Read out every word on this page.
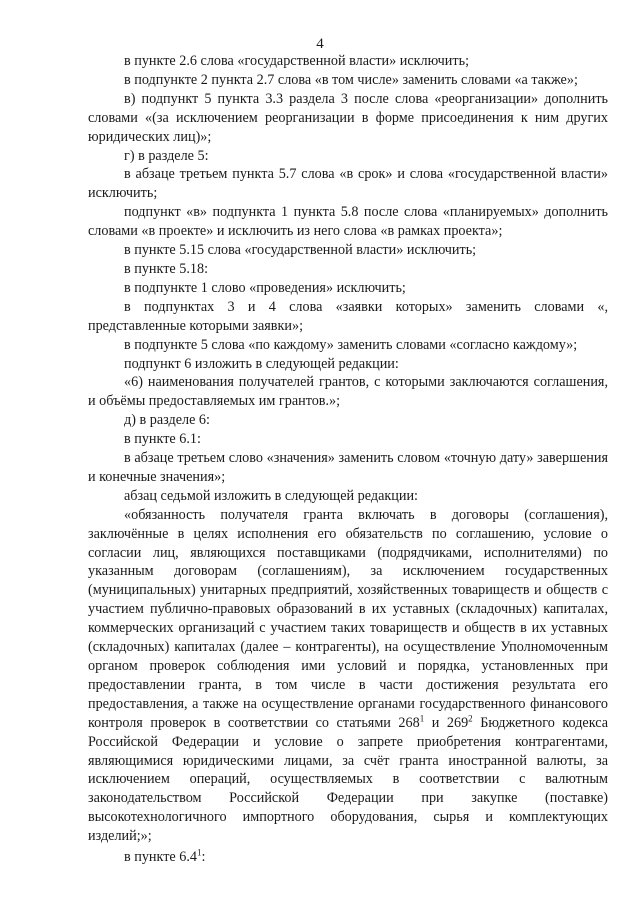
4

в пункте 2.6 слова «государственной власти» исключить;

в подпункте 2 пункта 2.7 слова «в том числе» заменить словами «а также»;

в) подпункт 5 пункта 3.3 раздела 3 после слова «реорганизации» дополнить словами «(за исключением реорганизации в форме присоединения к ним других юридических лиц)»;

г) в разделе 5:

в абзаце третьем пункта 5.7 слова «в срок» и слова «государственной власти» исключить;

подпункт «в» подпункта 1 пункта 5.8 после слова «планируемых» дополнить словами «в проекте» и исключить из него слова «в рамках проекта»;

в пункте 5.15 слова «государственной власти» исключить;

в пункте 5.18:

в подпункте 1 слово «проведения» исключить;

в подпунктах 3 и 4 слова «заявки которых» заменить словами «, представленные которыми заявки»;

в подпункте 5 слова «по каждому» заменить словами «согласно каждому»;

подпункт 6 изложить в следующей редакции:

«6) наименования получателей грантов, с которыми заключаются соглашения, и объёмы предоставляемых им грантов.»;

д) в разделе 6:

в пункте 6.1:

в абзаце третьем слово «значения» заменить словом «точную дату» завершения и конечные значения»;

абзац седьмой изложить в следующей редакции:

«обязанность получателя гранта включать в договоры (соглашения), заключённые в целях исполнения его обязательств по соглашению, условие о согласии лиц, являющихся поставщиками (подрядчиками, исполнителями) по указанным договорам (соглашениям), за исключением государственных (муниципальных) унитарных предприятий, хозяйственных товариществ и обществ с участием публично-правовых образований в их уставных (складочных) капиталах, коммерческих организаций с участием таких товариществ и обществ в их уставных (складочных) капиталах (далее – контрагенты), на осуществление Уполномоченным органом проверок соблюдения ими условий и порядка, установленных при предоставлении гранта, в том числе в части достижения результата его предоставления, а также на осуществление органами государственного финансового контроля проверок в соответствии со статьями $268^1$ и $269^2$ Бюджетного кодекса Российской Федерации и условие о запрете приобретения контрагентами, являющимися юридическими лицами, за счёт гранта иностранной валюты, за исключением операций, осуществляемых в соответствии с валютным законодательством Российской Федерации при закупке (поставке) высокотехнологичного импортного оборудования, сырья и комплектующих изделий;»;

в пункте $6.4^1$:
